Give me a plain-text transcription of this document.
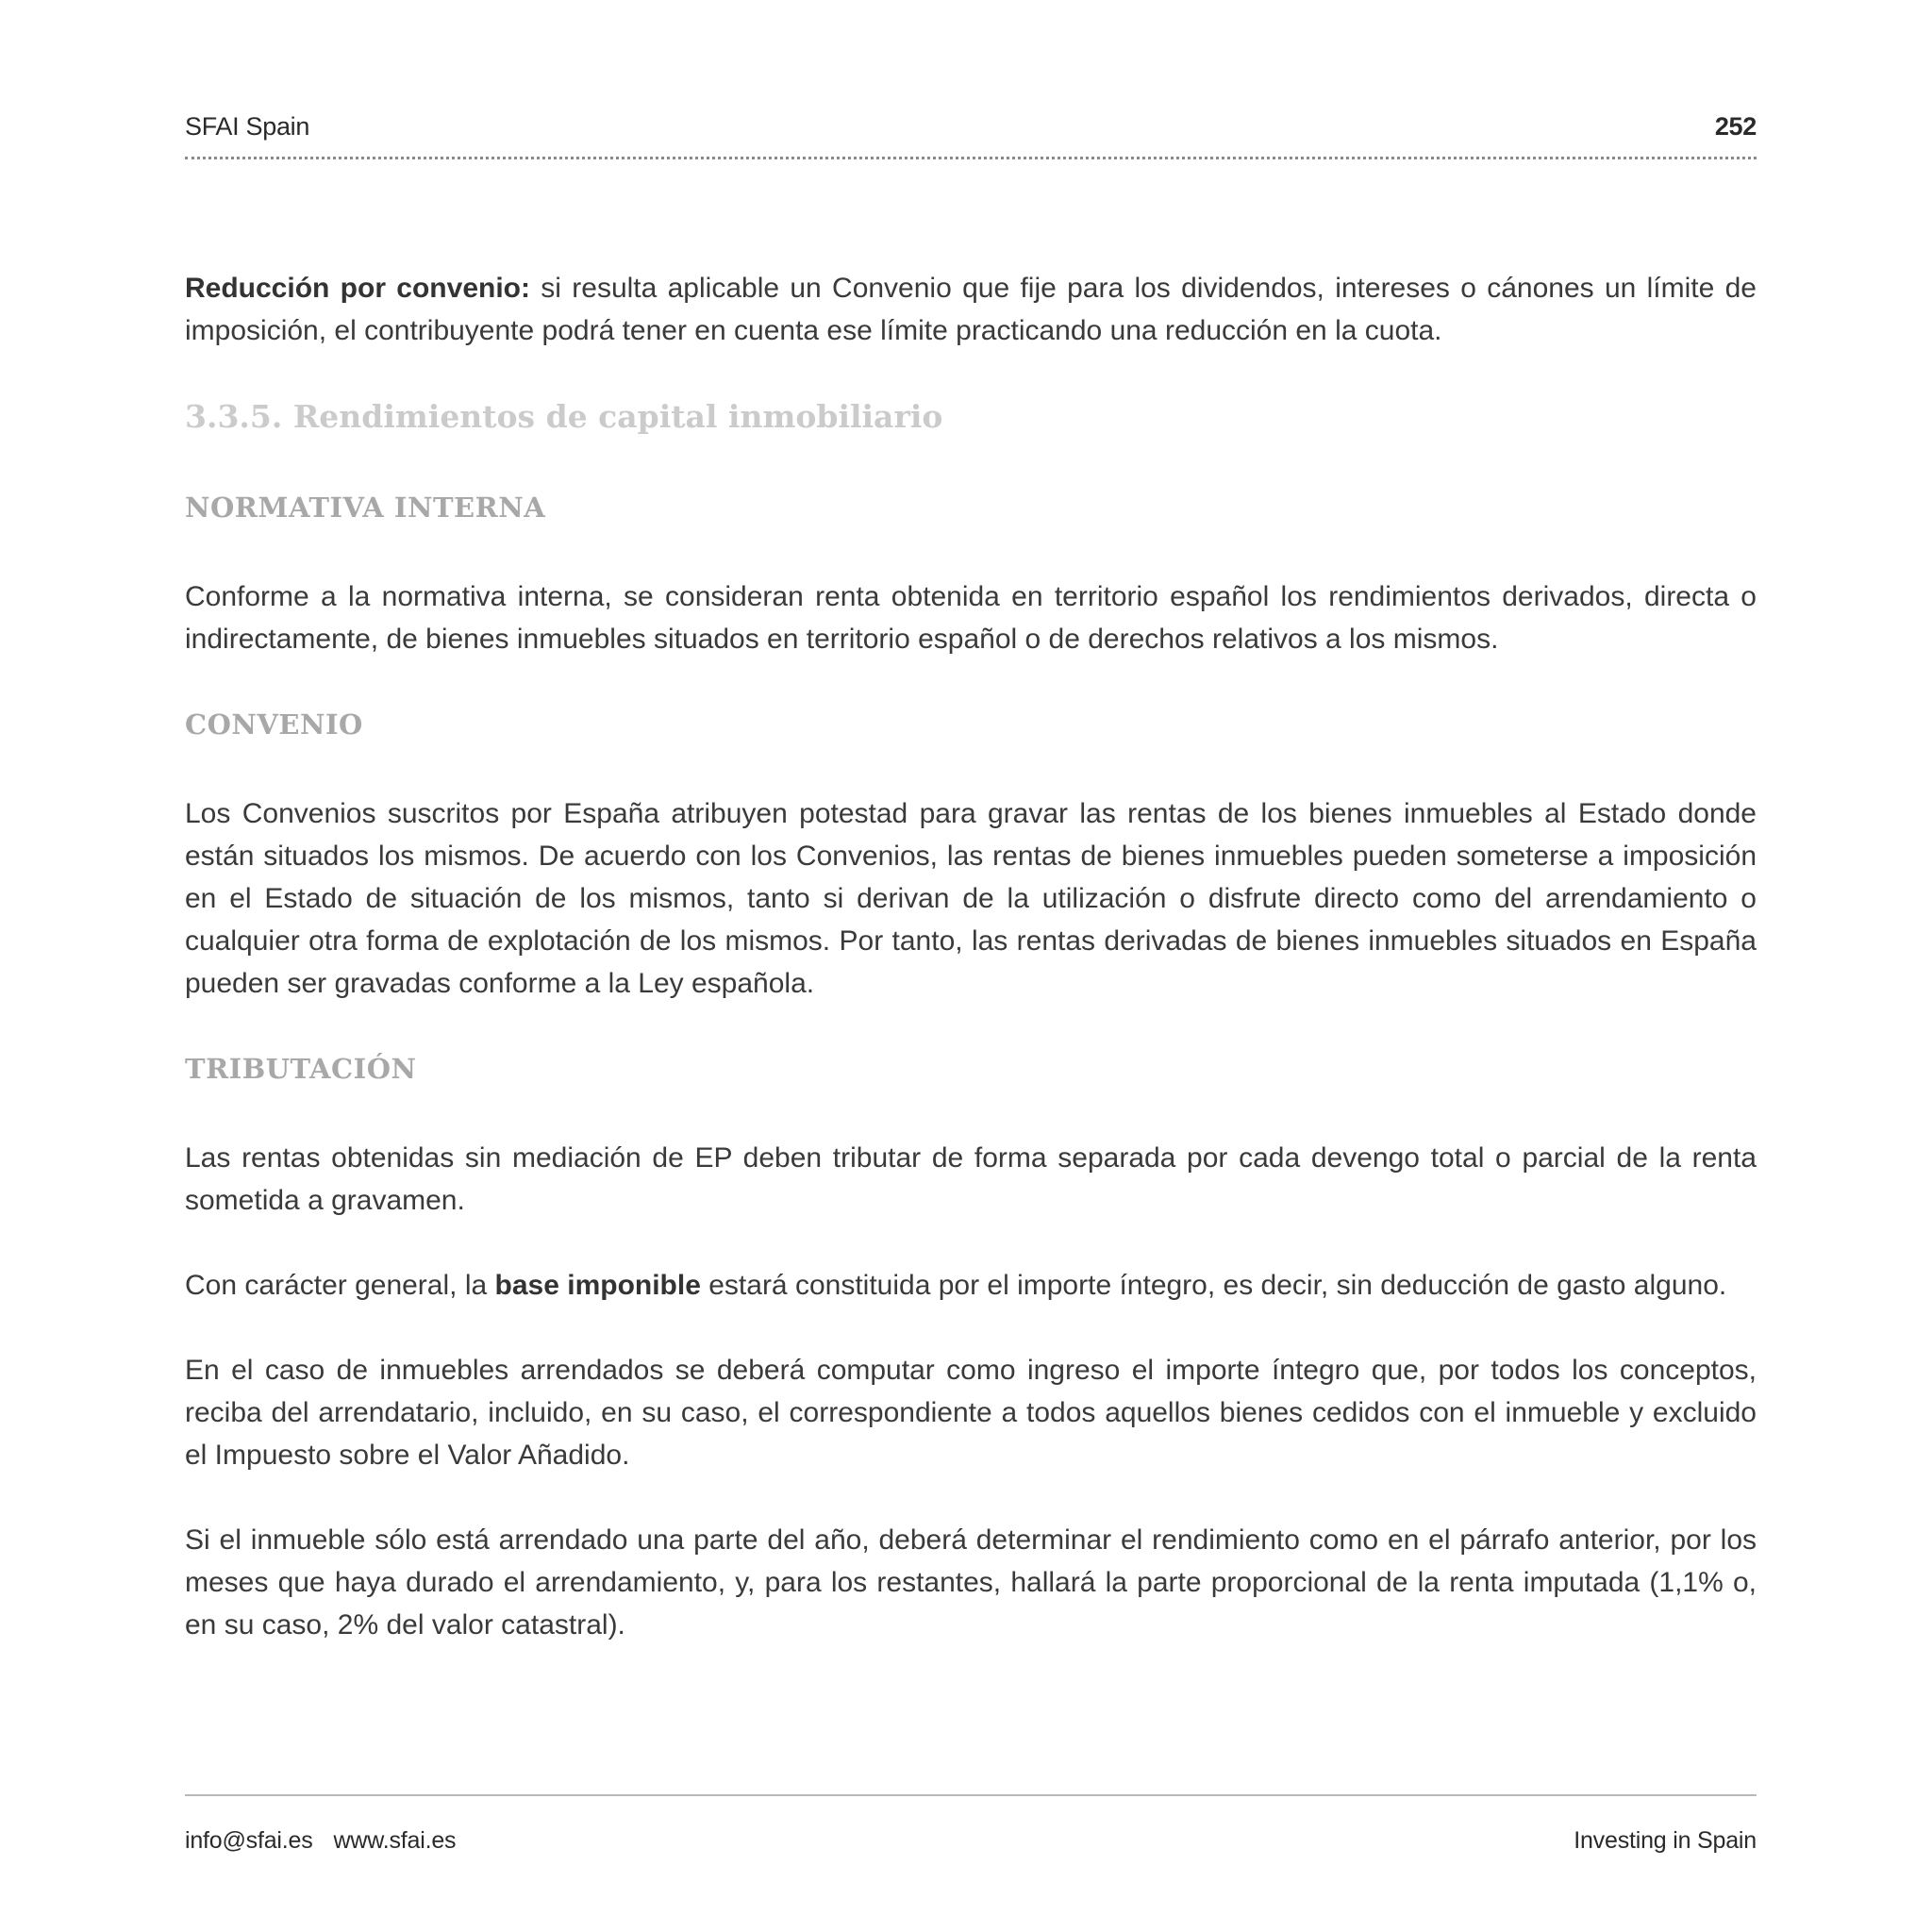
SFAI Spain	252

Reducción por convenio: si resulta aplicable un Convenio que fije para los dividendos, intereses o cánones un límite de imposición, el contribuyente podrá tener en cuenta ese límite practicando una reducción en la cuota.

3.3.5. Rendimientos de capital inmobiliario
NORMATIVA INTERNA

Conforme a la normativa interna, se consideran renta obtenida en territorio español los rendimientos derivados, directa o indirectamente, de bienes inmuebles situados en territorio español o de derechos relativos a los mismos.

CONVENIO

Los Convenios suscritos por España atribuyen potestad para gravar las rentas de los bienes inmuebles al Estado donde están situados los mismos. De acuerdo con los Convenios, las rentas de bienes inmuebles pueden someterse a imposición en el Estado de situación de los mismos, tanto si derivan de la utilización o disfrute directo como del arrendamiento o cualquier otra forma de explotación de los mismos. Por tanto, las rentas derivadas de bienes inmuebles situados en España pueden ser gravadas conforme a la Ley española.

TRIBUTACIÓN

Las rentas obtenidas sin mediación de EP deben tributar de forma separada por cada devengo total o parcial de la renta sometida a gravamen.

Con carácter general, la base imponible estará constituida por el importe íntegro, es decir, sin deducción de gasto alguno.

En el caso de inmuebles arrendados se deberá computar como ingreso el importe íntegro que, por todos los conceptos, reciba del arrendatario, incluido, en su caso, el correspondiente a todos aquellos bienes cedidos con el inmueble y excluido el Impuesto sobre el Valor Añadido.

Si el inmueble sólo está arrendado una parte del año, deberá determinar el rendimiento como en el párrafo anterior, por los meses que haya durado el arrendamiento, y, para los restantes, hallará la parte proporcional de la renta imputada (1,1% o, en su caso, 2% del valor catastral).

info@sfai.es www.sfai.es	Investing in Spain
